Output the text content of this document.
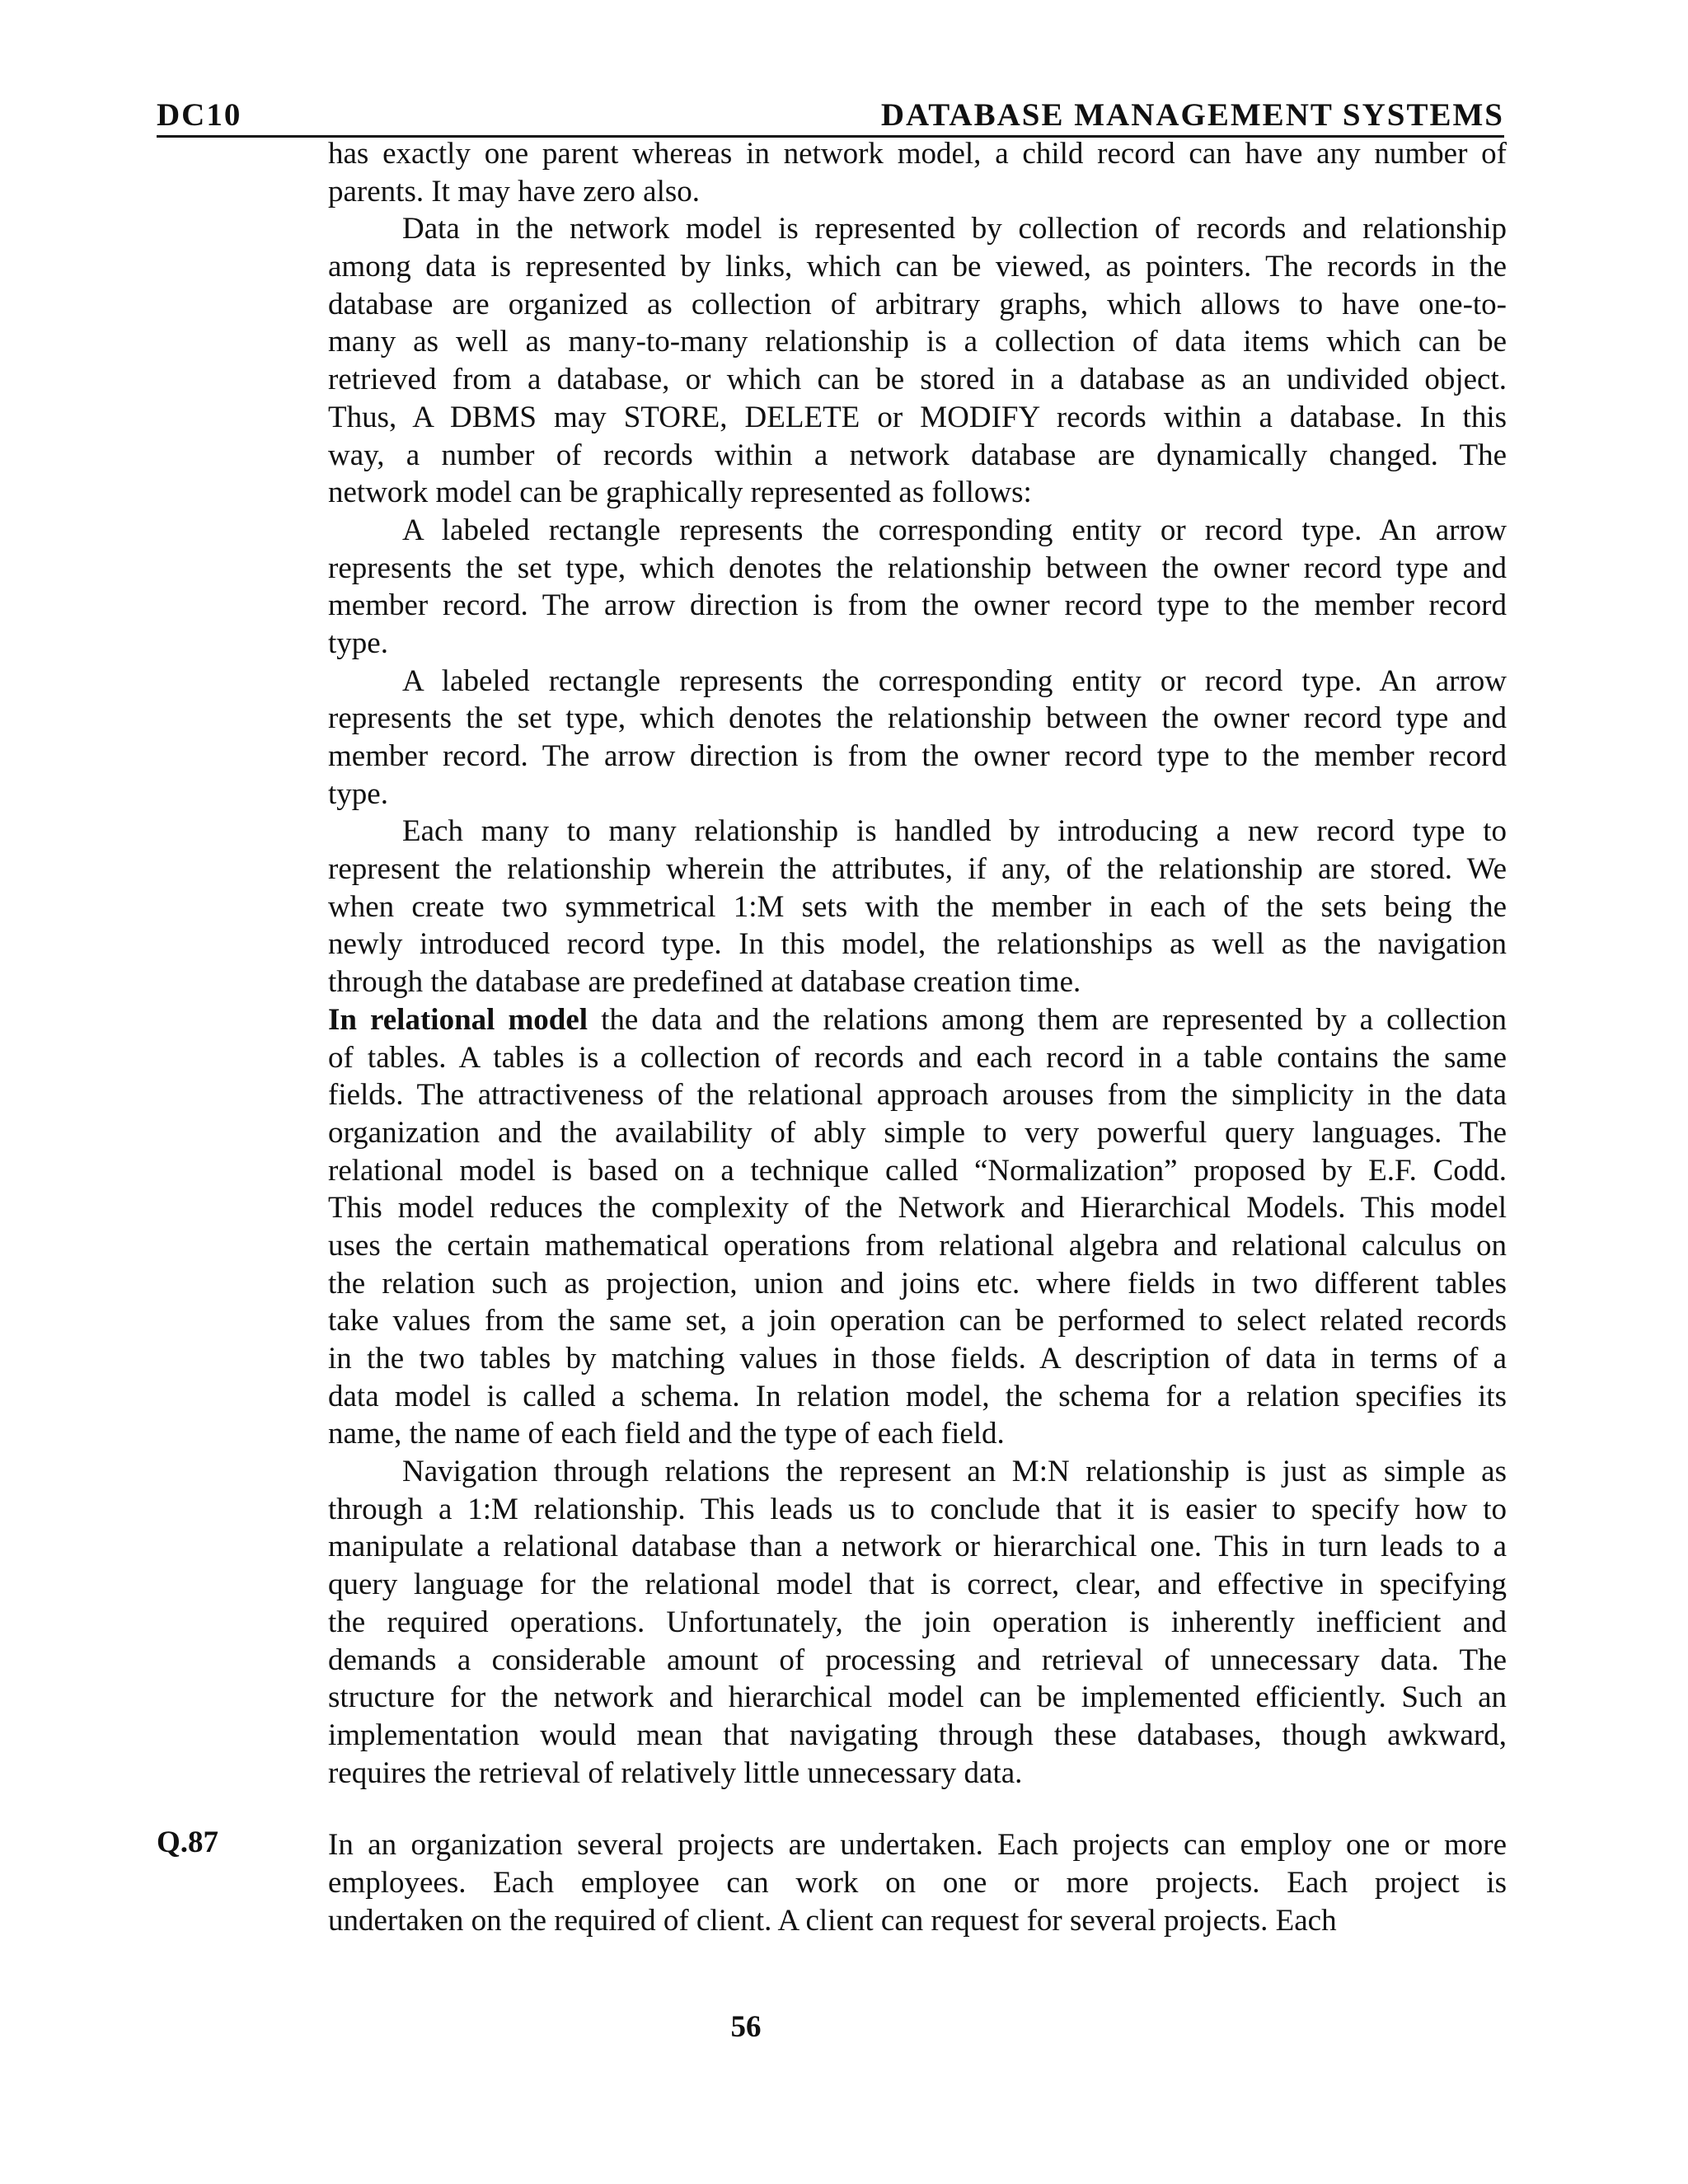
DC10	DATABASE MANAGEMENT SYSTEMS
has exactly one parent whereas in network model, a child record can have any number of
parents. It may have zero also.
Data in the network model is represented by collection of records and relationship
among data is represented by links, which can be viewed, as pointers. The records in the
database are organized as collection of arbitrary graphs, which allows to have one-to-
many as well as many-to-many relationship is a collection of data items which can be
retrieved from a database, or which can be stored in a database as an undivided object.
Thus, A DBMS may STORE, DELETE or MODIFY records within a database. In this
way, a number of records within a network database are dynamically changed. The
network model can be graphically represented as follows:
A labeled rectangle represents the corresponding entity or record type. An arrow
represents the set type, which denotes the relationship between the owner record type and
member record. The arrow direction is from the owner record type to the member record
type.
A labeled rectangle represents the corresponding entity or record type. An arrow
represents the set type, which denotes the relationship between the owner record type and
member record. The arrow direction is from the owner record type to the member record
type.
Each many to many relationship is handled by introducing a new record type to
represent the relationship wherein the attributes, if any, of the relationship are stored. We
when create two symmetrical 1:M sets with the member in each of the sets being the
newly introduced record type. In this model, the relationships as well as the navigation
through the database are predefined at database creation time.
In relational model the data and the relations among them are represented by a collection
of tables. A tables is a collection of records and each record in a table contains the same
fields. The attractiveness of the relational approach arouses from the simplicity in the data
organization and the availability of ably simple to very powerful query languages. The
relational model is based on a technique called “Normalization” proposed by E.F. Codd.
This model reduces the complexity of the Network and Hierarchical Models. This model
uses the certain mathematical operations from relational algebra and relational calculus on
the relation such as projection, union and joins etc. where fields in two different tables
take values from the same set, a join operation can be performed to select related records
in the two tables by matching values in those fields. A description of data in terms of a
data model is called a schema. In relation model, the schema for a relation specifies its
name, the name of each field and the type of each field.
Navigation through relations the represent an M:N relationship is just as simple as
through a 1:M relationship. This leads us to conclude that it is easier to specify how to
manipulate a relational database than a network or hierarchical one. This in turn leads to a
query language for the relational model that is correct, clear, and effective in specifying
the required operations. Unfortunately, the join operation is inherently inefficient and
demands a considerable amount of processing and retrieval of unnecessary data. The
structure for the network and hierarchical model can be implemented efficiently. Such an
implementation would mean that navigating through these databases, though awkward,
requires the retrieval of relatively little unnecessary data.
In an organization several projects are undertaken. Each projects can employ one or more
employees. Each employee can work on one or more projects. Each project is
undertaken on the required of client. A client can request for several projects. Each
Q.87
56
